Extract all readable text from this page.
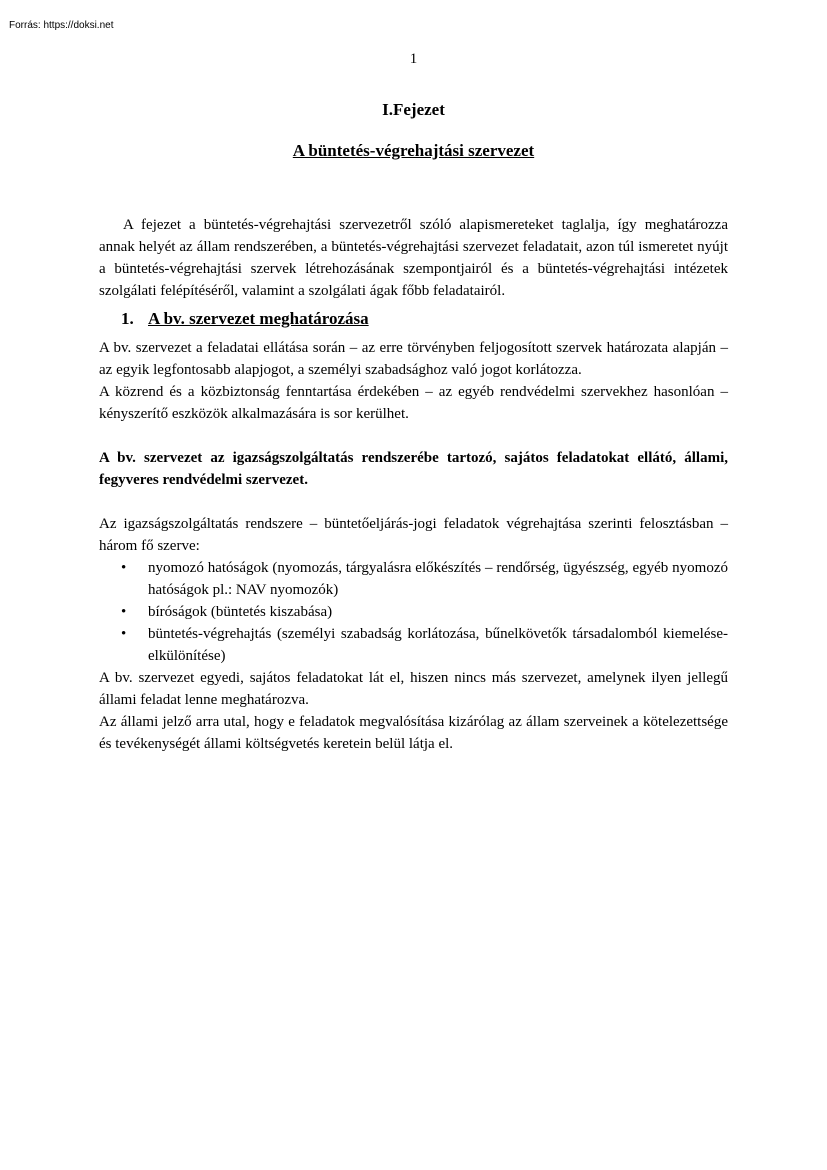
Forrás: https://doksi.net
1
I.Fejezet
A büntetés-végrehajtási szervezet

A fejezet a büntetés-végrehajtási szervezetről szóló alapismereteket taglalja, így meghatározza annak helyét az állam rendszerében, a büntetés-végrehajtási szervezet feladatait, azon túl ismeretet nyújt a büntetés-végrehajtási szervek létrehozásának szempontjairól és a büntetés-végrehajtási intézetek szolgálati felépítéséről, valamint a szolgálati ágak főbb feladatairól.

1. A bv. szervezet meghatározása

A bv. szervezet a feladatai ellátása során – az erre törvényben feljogosított szervek határozata alapján – az egyik legfontosabb alapjogot, a személyi szabadsághoz való jogot korlátozza.

A közrend és a közbiztonság fenntartása érdekében – az egyéb rendvédelmi szervekhez hasonlóan – kényszerítő eszközök alkalmazására is sor kerülhet.

A bv. szervezet az igazságszolgáltatás rendszerébe tartozó, sajátos feladatokat ellátó, állami, fegyveres rendvédelmi szervezet.

Az igazságszolgáltatás rendszere – büntetőeljárás-jogi feladatok végrehajtása szerinti felosztásban – három fő szerve:

• nyomozó hatóságok (nyomozás, tárgyalásra előkészítés – rendőrség, ügyészség, egyéb nyomozó hatóságok pl.: NAV nyomozók)
• bíróságok (büntetés kiszabása)
• büntetés-végrehajtás (személyi szabadság korlátozása, bűnelkövetők társadalomból kiemelése-elkülönítése)

A bv. szervezet egyedi, sajátos feladatokat lát el, hiszen nincs más szervezet, amelynek ilyen jellegű állami feladat lenne meghatározva.

Az állami jelző arra utal, hogy e feladatok megvalósítása kizárólag az állam szerveinek a kötelezettsége és tevékenységét állami költségvetés keretein belül látja el.
